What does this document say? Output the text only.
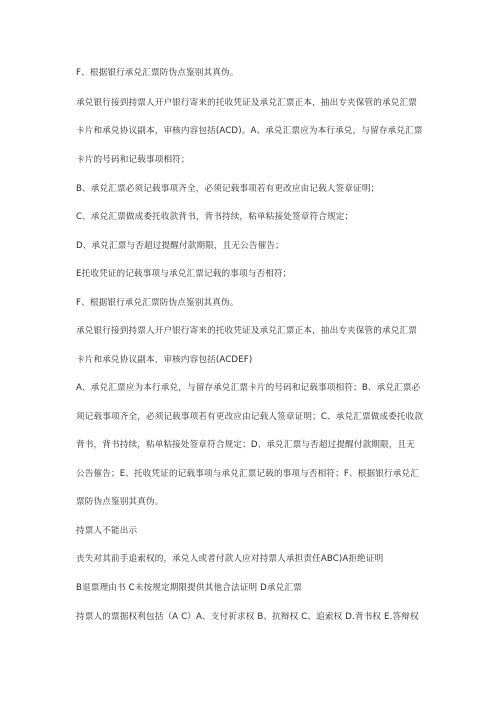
F、根据银行承兑汇票防伪点鉴别其真伪。
承兑银行接到持票人开户银行寄来的托收凭证及承兑汇票正本，抽出专夹保管的承兑汇票
卡片和承兑协议副本，审核内容包括(ACD)。A、承兑汇票应为本行承兑，与留存承兑汇票
卡片的号码和记载事项相符；
B、承兑汇票必须记载事项齐全，必须记载事项若有更改应由记载人签章证明；
C、承兑汇票做成委托收款背书，背书持续，粘单粘接处签章符合规定；
D、承兑汇票与否超过提醒付款期限，且无公告催告；
E托收凭证的记载事项与承兑汇票记载的事项与否相符；
F、根据银行承兑汇票防伪点鉴别其真伪。
承兑银行接到持票人开户银行寄来的托收凭证及承兑汇票正本，抽出专夹保管的承兑汇票
卡片和承兑协议副本，审核内容包括(ACDEF)
A、承兑汇票应为本行承兑，与留存承兑汇票卡片的号码和记载事项相符；B、承兑汇票必
须记载事项齐全，必须记载事项若有更改应由记载人签章证明；C、承兑汇票做成委托收款
背书，背书持续，粘单粘接处签章符合规定；D、承兑汇票与否超过提醒付款期限，且无
公告催告；E、托收凭证的记载事项与承兑汇票记载的事项与否相符；F、根据银行承兑汇
票防伪点鉴别其真伪。
持票人不能出示
丧失对其前手追索权的，承兑人或者付款人应对持票人承担责任ABC)A拒绝证明
B退票理由书 C未按规定期限提供其他合法证明 D承兑汇票
持票人的票据权利包括（A C）A、支付祈求权 B、抗辩权 C、追索权 D.背书权 E.答辩权
